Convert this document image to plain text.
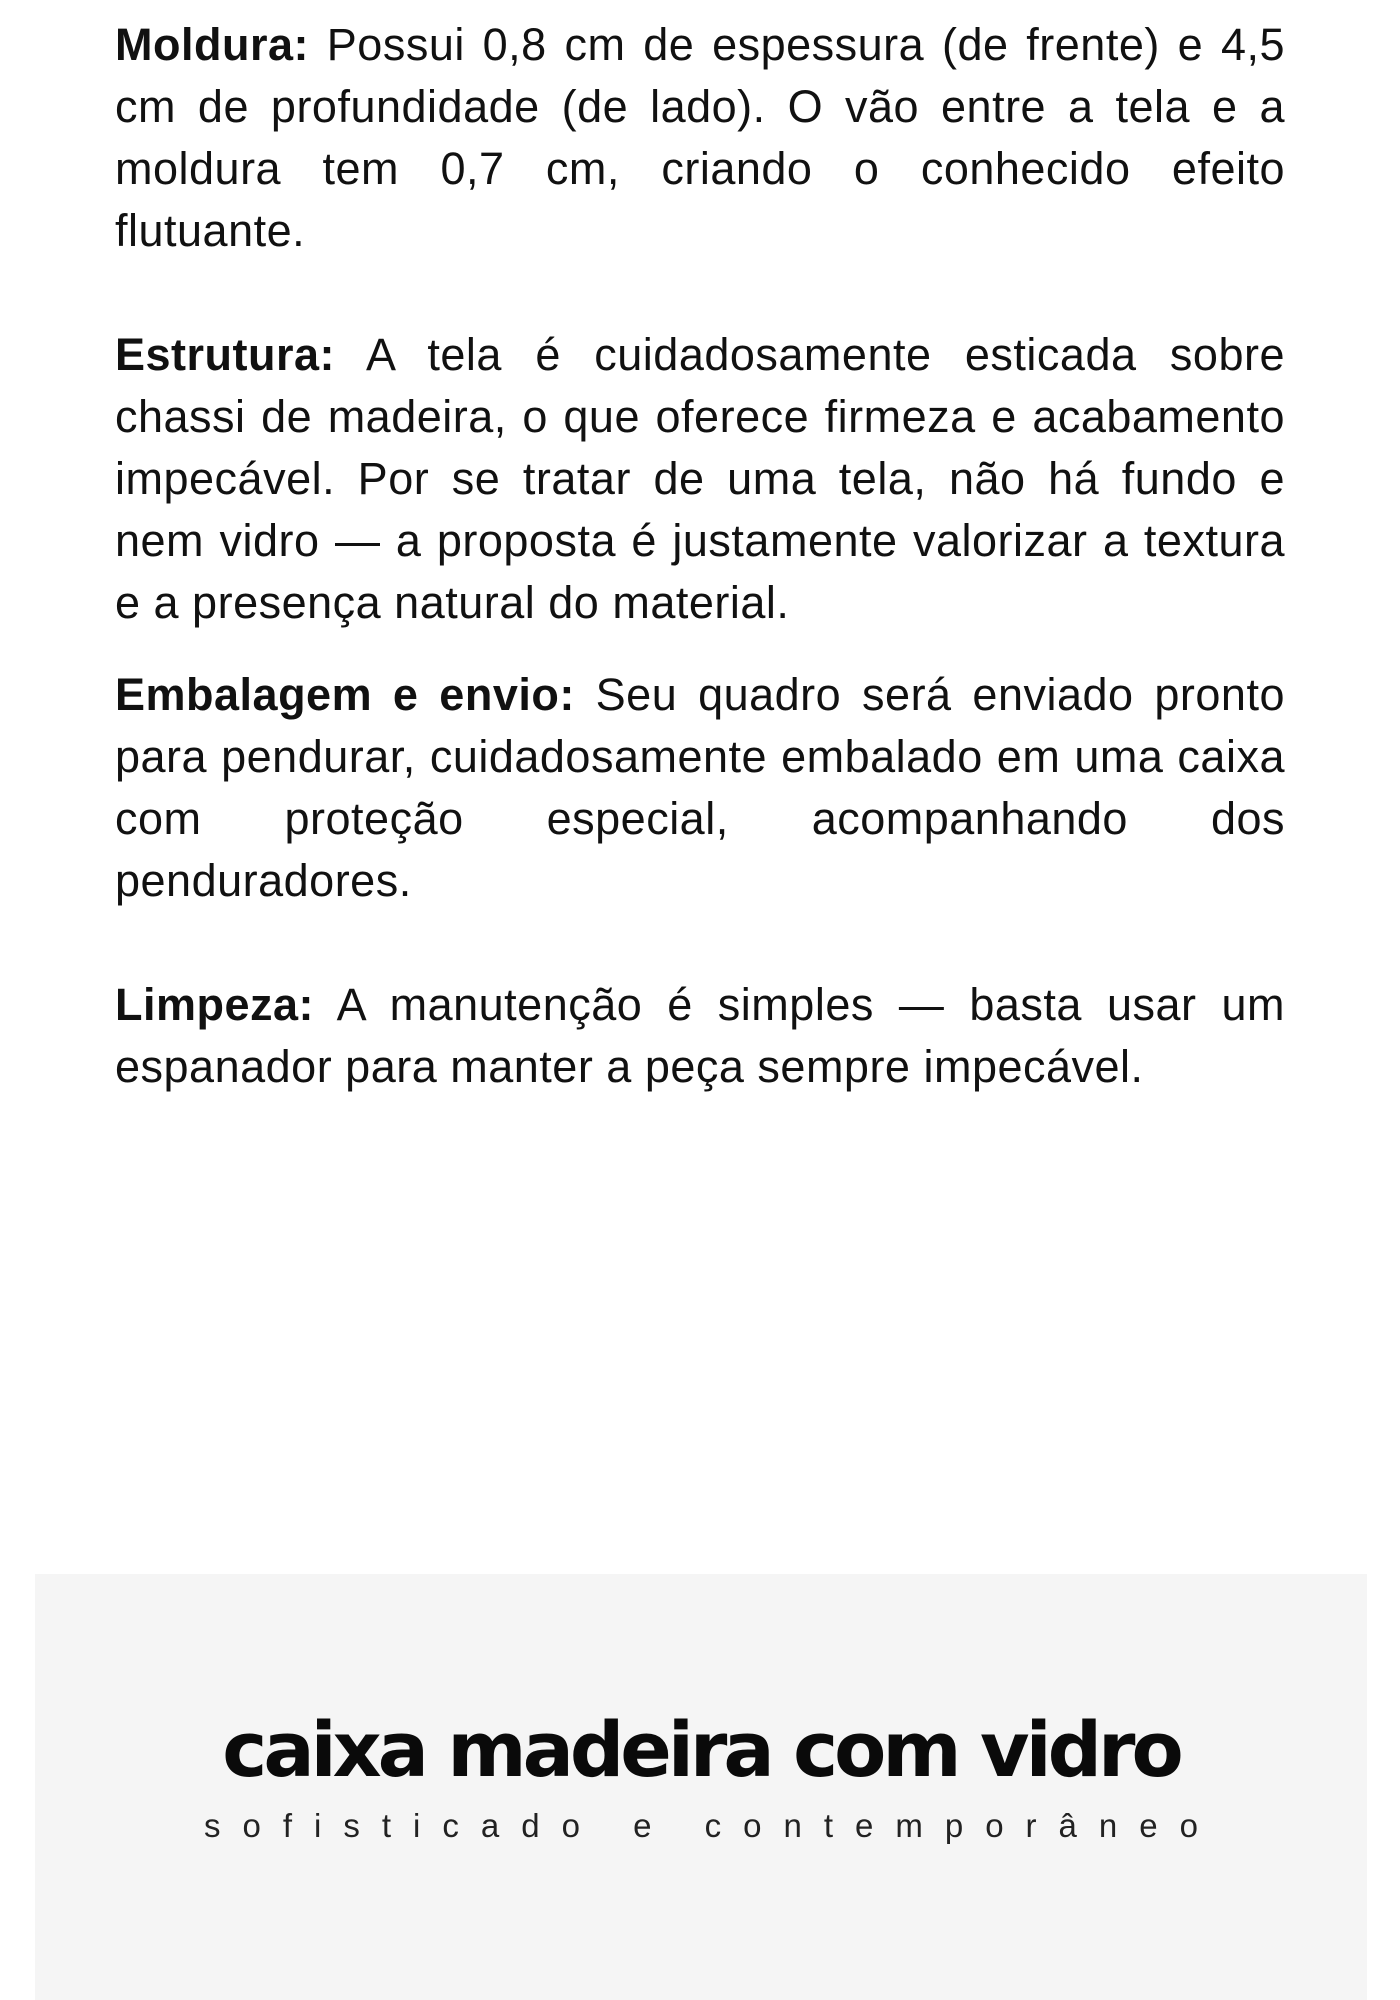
Moldura: Possui 0,8 cm de espessura (de frente) e 4,5 cm de profundidade (de lado). O vão entre a tela e a moldura tem 0,7 cm, criando o conhecido efeito flutuante.

Estrutura: A tela é cuidadosamente esticada sobre chassi de madeira, o que oferece firmeza e acabamento impecável. Por se tratar de uma tela, não há fundo e nem vidro — a proposta é justamente valorizar a textura e a presença natural do material.

Embalagem e envio: Seu quadro será enviado pronto para pendurar, cuidadosamente embalado em uma caixa com proteção especial, acompanhando dos penduradores.

Limpeza: A manutenção é simples — basta usar um espanador para manter a peça sempre impecável.

caixa madeira com vidro
sofisticado e contemporâneo
